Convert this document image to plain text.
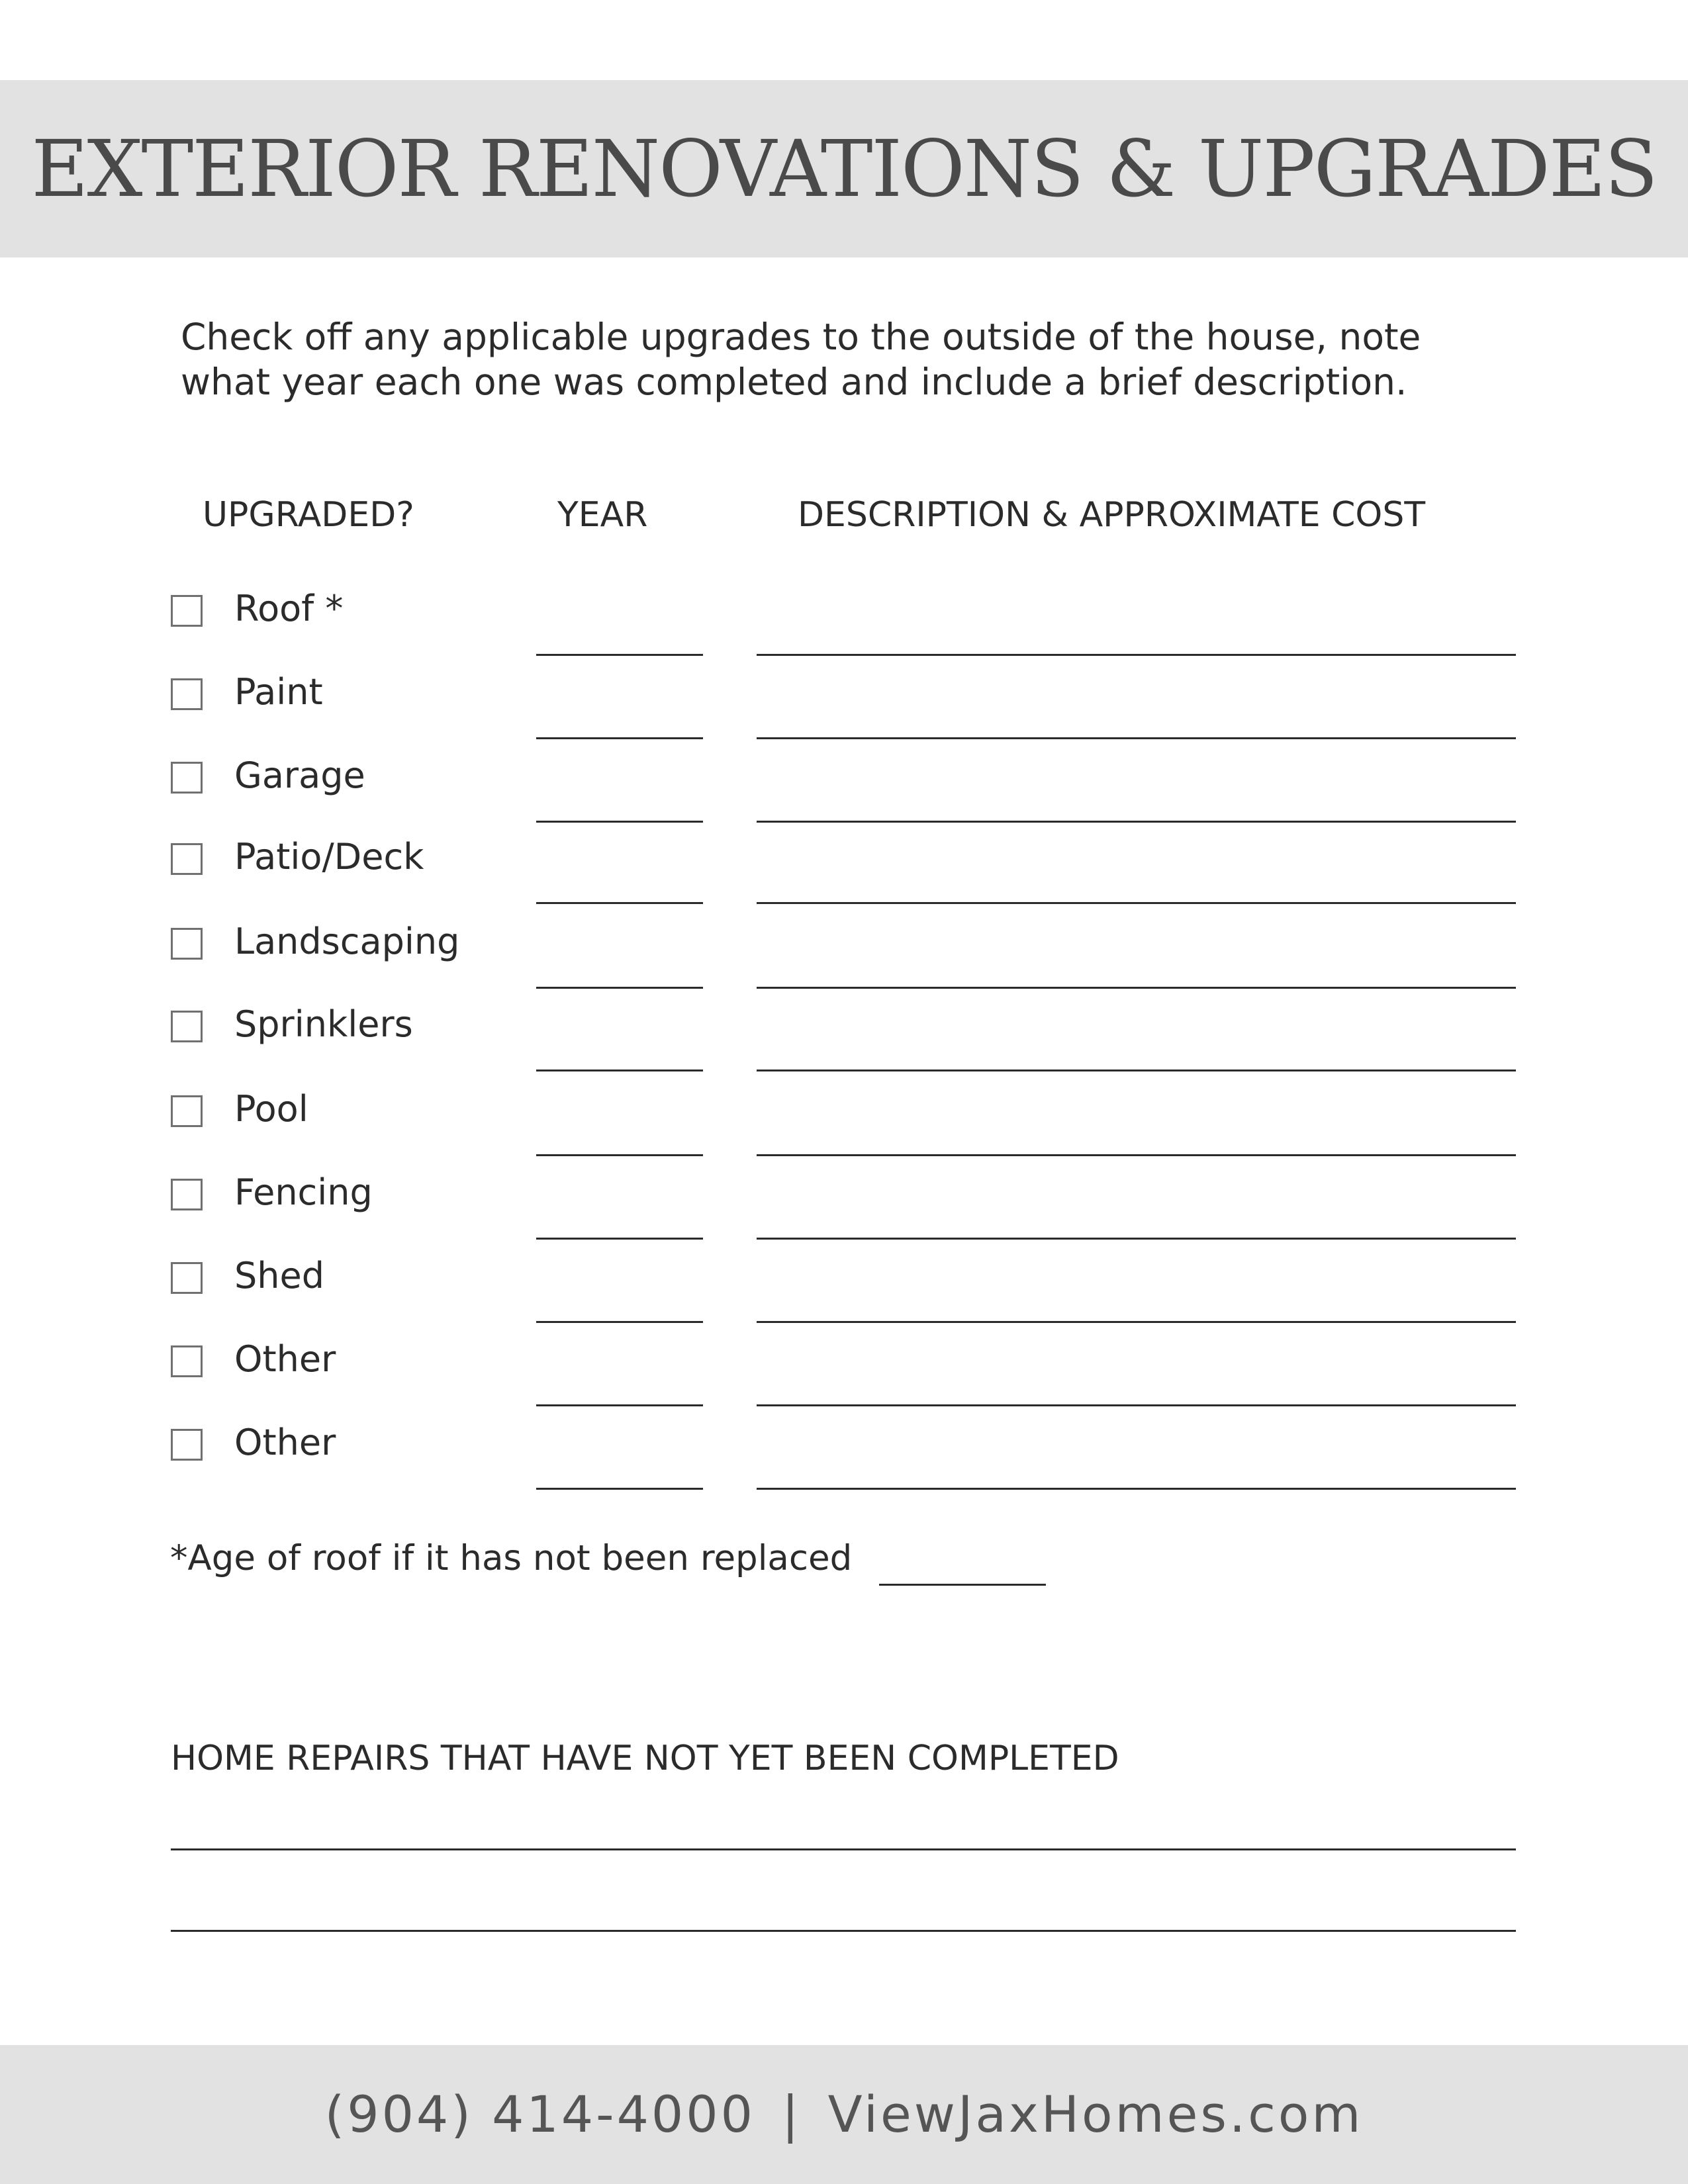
EXTERIOR RENOVATIONS & UPGRADES
Check off any applicable upgrades to the outside of the house, note
what year each one was completed and include a brief description.
UPGRADED?	YEAR	DESCRIPTION & APPROXIMATE COST
Roof *
Paint
Garage
Patio/Deck
Landscaping
Sprinklers
Pool
Fencing
Shed
Other
Other
*Age of roof if it has not been replaced
HOME REPAIRS THAT HAVE NOT YET BEEN COMPLETED
(904) 414-4000 | ViewJaxHomes.com
